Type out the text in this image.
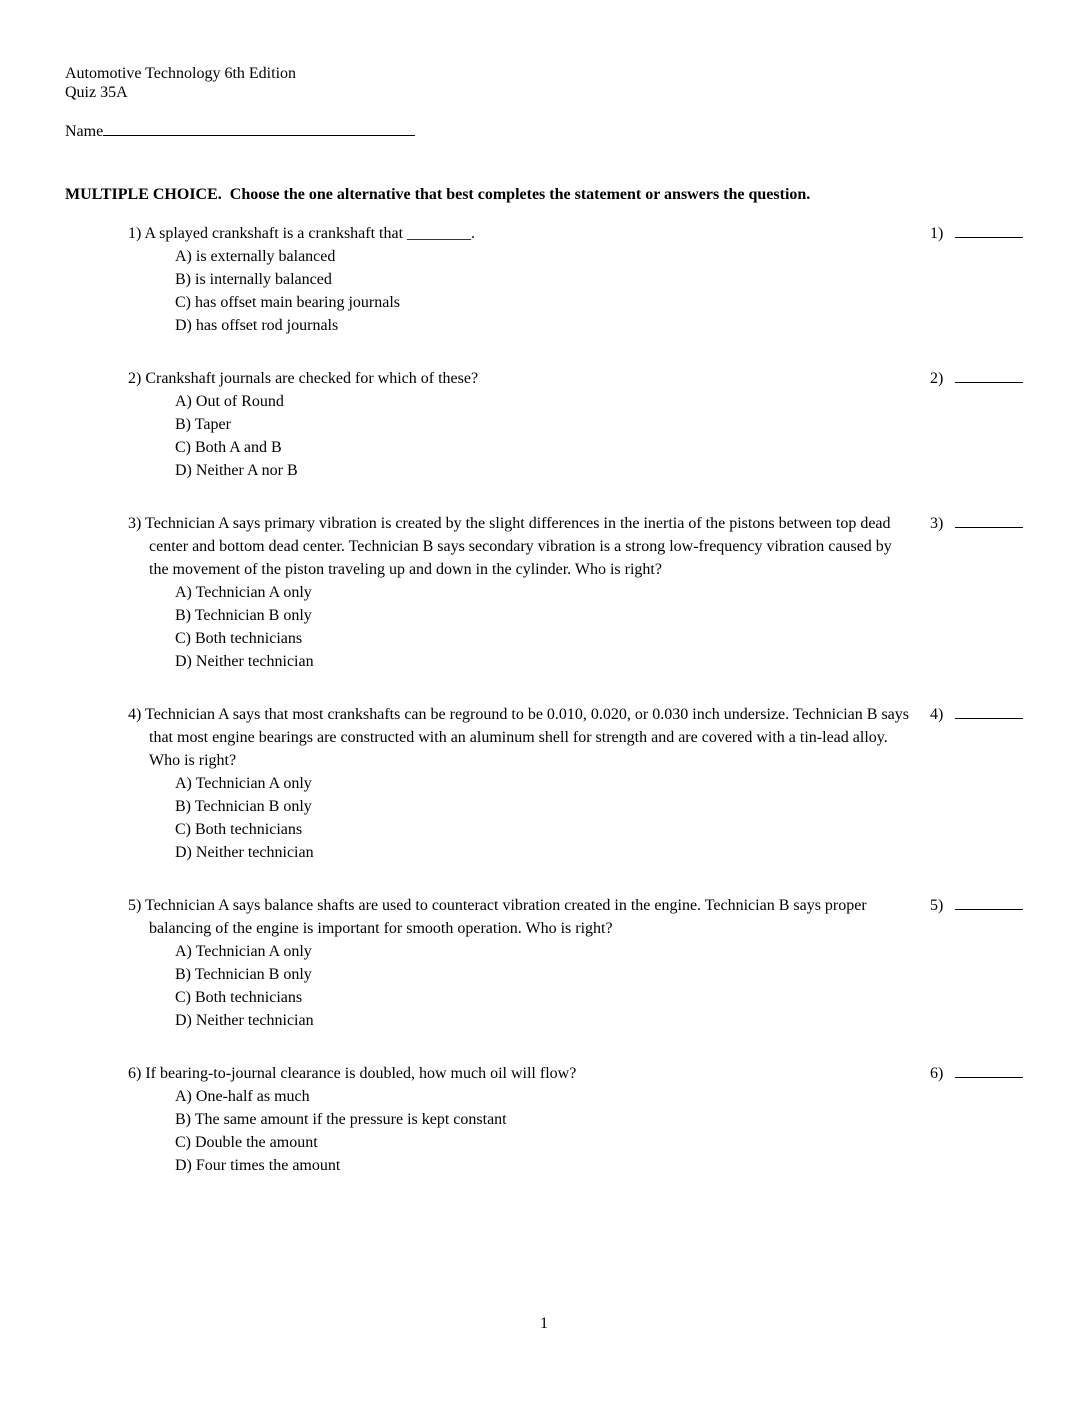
Automotive Technology 6th Edition
Quiz 35A
Name
MULTIPLE CHOICE.  Choose the one alternative that best completes the statement or answers the question.
1) A splayed crankshaft is a crankshaft that ________.
A) is externally balanced
B) is internally balanced
C) has offset main bearing journals
D) has offset rod journals
1)
2) Crankshaft journals are checked for which of these?
A) Out of Round
B) Taper
C) Both A and B
D) Neither A nor B
2)
3) Technician A says primary vibration is created by the slight differences in the inertia of the pistons between top dead center and bottom dead center. Technician B says secondary vibration is a strong low-frequency vibration caused by the movement of the piston traveling up and down in the cylinder. Who is right?
A) Technician A only
B) Technician B only
C) Both technicians
D) Neither technician
3)
4) Technician A says that most crankshafts can be reground to be 0.010, 0.020, or 0.030 inch undersize. Technician B says that most engine bearings are constructed with an aluminum shell for strength and are covered with a tin-lead alloy. Who is right?
A) Technician A only
B) Technician B only
C) Both technicians
D) Neither technician
4)
5) Technician A says balance shafts are used to counteract vibration created in the engine. Technician B says proper balancing of the engine is important for smooth operation. Who is right?
A) Technician A only
B) Technician B only
C) Both technicians
D) Neither technician
5)
6) If bearing-to-journal clearance is doubled, how much oil will flow?
A) One-half as much
B) The same amount if the pressure is kept constant
C) Double the amount
D) Four times the amount
6)
1
